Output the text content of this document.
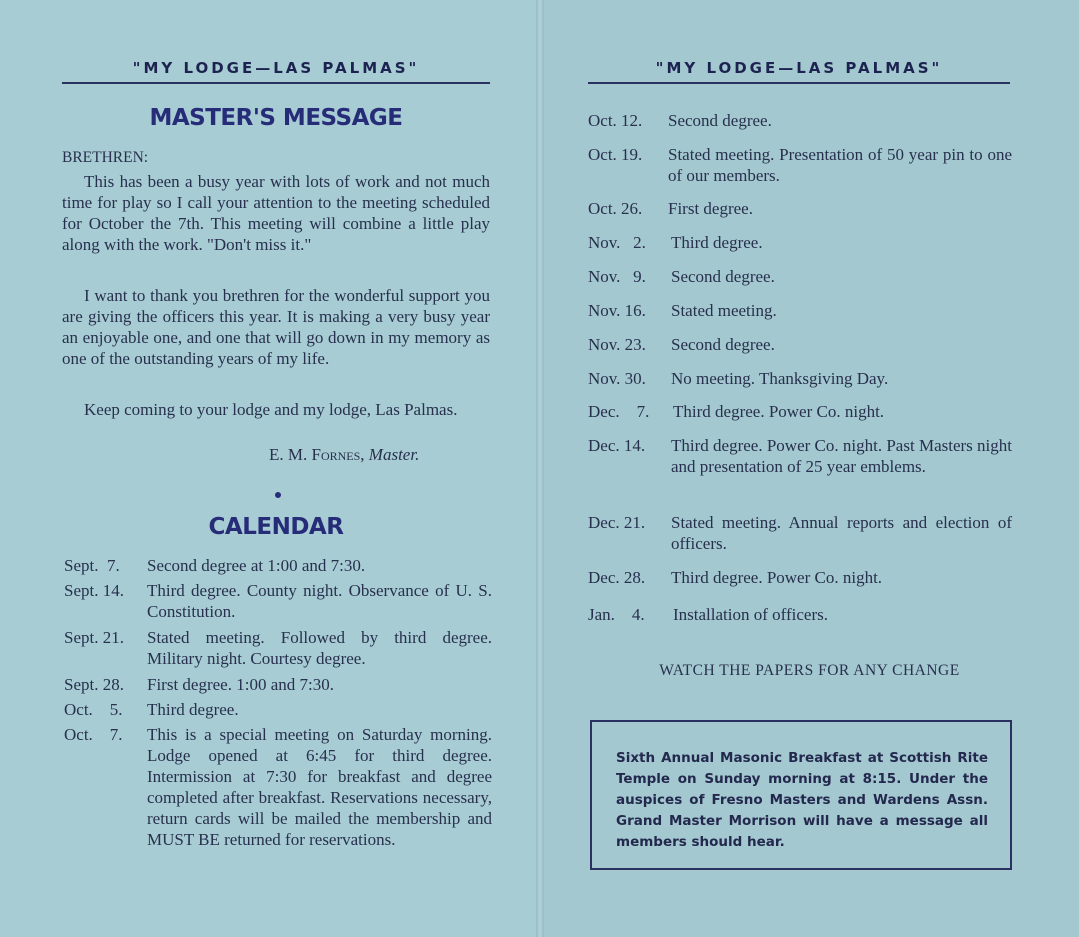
"MY LODGE—LAS PALMAS"	"MY LODGE—LAS PALMAS"
MASTER'S MESSAGE
BRETHREN:
This has been a busy year with lots of work and not much time for play so I call your attention to the meeting scheduled for October the 7th. This meeting will combine a little play along with the work. "Don't miss it."
I want to thank you brethren for the wonderful support you are giving the officers this year. It is making a very busy year an enjoyable one, and one that will go down in my memory as one of the outstanding years of my life.
Keep coming to your lodge and my lodge, Las Palmas.
E. M. Fornes, Master.
CALENDAR
Sept.  7. Second degree at 1:00 and 7:30.
Sept. 14. Third degree. County night. Observance of U. S. Constitution.
Sept. 21. Stated meeting. Followed by third degree. Military night. Courtesy degree.
Sept. 28. First degree. 1:00 and 7:30.
Oct.    5. Third degree.
Oct.    7. This is a special meeting on Saturday morning. Lodge opened at 6:45 for third degree. Intermission at 7:30 for breakfast and degree completed after breakfast. Reservations necessary, return cards will be mailed the membership and MUST BE returned for reservations.
Oct. 12. Second degree.
Oct. 19. Stated meeting. Presentation of 50 year pin to one of our members.
Oct. 26. First degree.
Nov.   2. Third degree.
Nov.   9. Second degree.
Nov. 16. Stated meeting.
Nov. 23. Second degree.
Nov. 30. No meeting. Thanksgiving Day.
Dec.    7. Third degree. Power Co. night.
Dec. 14. Third degree. Power Co. night. Past Masters night and presentation of 25 year emblems.
Dec. 21. Stated meeting. Annual reports and election of officers.
Dec. 28. Third degree. Power Co. night.
Jan.    4. Installation of officers.
WATCH THE PAPERS FOR ANY CHANGE
Sixth Annual Masonic Breakfast at Scottish Rite Temple on Sunday morning at 8:15. Under the auspices of Fresno Masters and Wardens Assn. Grand Master Morrison will have a message all members should hear.
